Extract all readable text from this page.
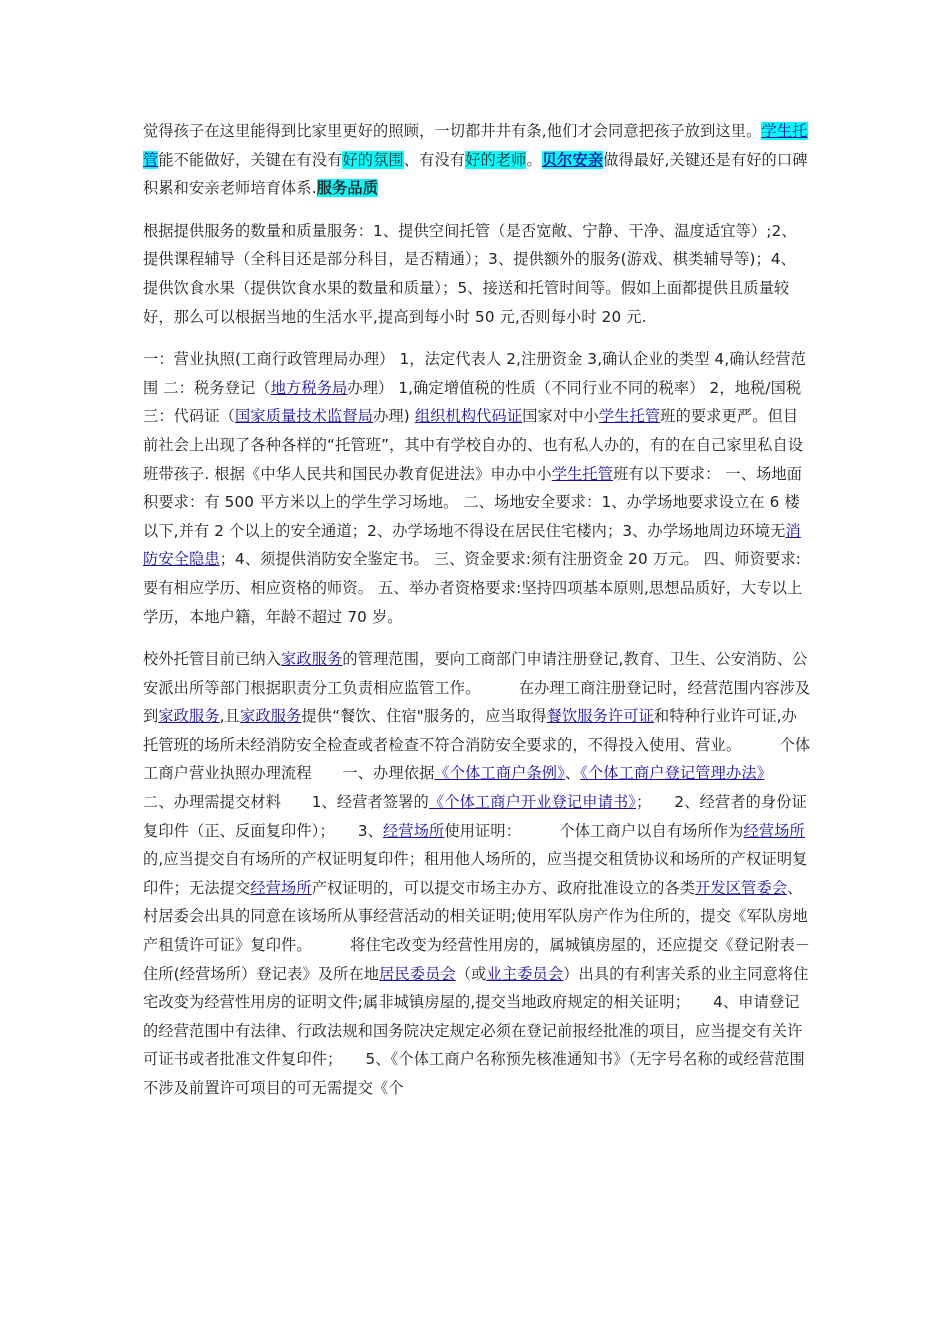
觉得孩子在这里能得到比家里更好的照顾，一切都井井有条,他们才会同意把孩子放到这里。学生托管能不能做好，关键在有没有好的氛围、有没有好的老师。贝尔安亲做得最好,关键还是有好的口碑积累和安亲老师培育体系.服务品质

根据提供服务的数量和质量服务：1、提供空间托管（是否宽敞、宁静、干净、温度适宜等）;2、提供课程辅导（全科目还是部分科目，是否精通）；3、提供额外的服务(游戏、棋类辅导等)；4、提供饮食水果（提供饮食水果的数量和质量）；5、接送和托管时间等。假如上面都提供且质量较好，那么可以根据当地的生活水平,提高到每小时 50 元,否则每小时 20 元.

一：营业执照(工商行政管理局办理） 1，法定代表人 2,注册资金 3,确认企业的类型 4,确认经营范围 二：税务登记（地方税务局办理） 1,确定增值税的性质（不同行业不同的税率） 2，地税/国税 三：代码证（国家质量技术监督局办理) 组织机构代码证国家对中小学生托管班的要求更严。但目前社会上出现了各种各样的“托管班”，其中有学校自办的、也有私人办的，有的在自己家里私自设班带孩子. 根据《中华人民共和国民办教育促进法》申办中小学生托管班有以下要求： 一、场地面积要求：有 500 平方米以上的学生学习场地。 二、场地安全要求：1、办学场地要求设立在 6 楼以下,并有 2 个以上的安全通道；2、办学场地不得设在居民住宅楼内；3、办学场地周边环境无消防安全隐患；4、须提供消防安全鉴定书。 三、资金要求:须有注册资金 20 万元。 四、师资要求:要有相应学历、相应资格的师资。 五、举办者资格要求:坚持四项基本原则,思想品质好，大专以上学历，本地户籍，年龄不超过 70 岁。

校外托管目前已纳入家政服务的管理范围，要向工商部门申请注册登记,教育、卫生、公安消防、公安派出所等部门根据职责分工负责相应监管工作。　　　在办理工商注册登记时，经营范围内容涉及到家政服务,且家政服务提供“餐饮、住宿"服务的，应当取得餐饮服务许可证和特种行业许可证,办托管班的场所未经消防安全检查或者检查不符合消防安全要求的，不得投入使用、营业。　　　个体工商户营业执照办理流程　　一、办理依据《个体工商户条例》、《个体工商户登记管理办法》　　　二、办理需提交材料　　1、经营者签署的《个体工商户开业登记申请书》；　　2、经营者的身份证复印件（正、反面复印件）；　　3、经营场所使用证明：　　　个体工商户以自有场所作为经营场所的,应当提交自有场所的产权证明复印件；租用他人场所的，应当提交租赁协议和场所的产权证明复印件；无法提交经营场所产权证明的，可以提交市场主办方、政府批准设立的各类开发区管委会、村居委会出具的同意在该场所从事经营活动的相关证明;使用军队房产作为住所的，提交《军队房地产租赁许可证》复印件。　　　将住宅改变为经营性用房的，属城镇房屋的，还应提交《登记附表－住所(经营场所）登记表》及所在地居民委员会（或业主委员会）出具的有利害关系的业主同意将住宅改变为经营性用房的证明文件;属非城镇房屋的,提交当地政府规定的相关证明；　　4、申请登记的经营范围中有法律、行政法规和国务院决定规定必须在登记前报经批准的项目，应当提交有关许可证书或者批准文件复印件；　　5、《个体工商户名称预先核准通知书》（无字号名称的或经营范围不涉及前置许可项目的可无需提交《个
